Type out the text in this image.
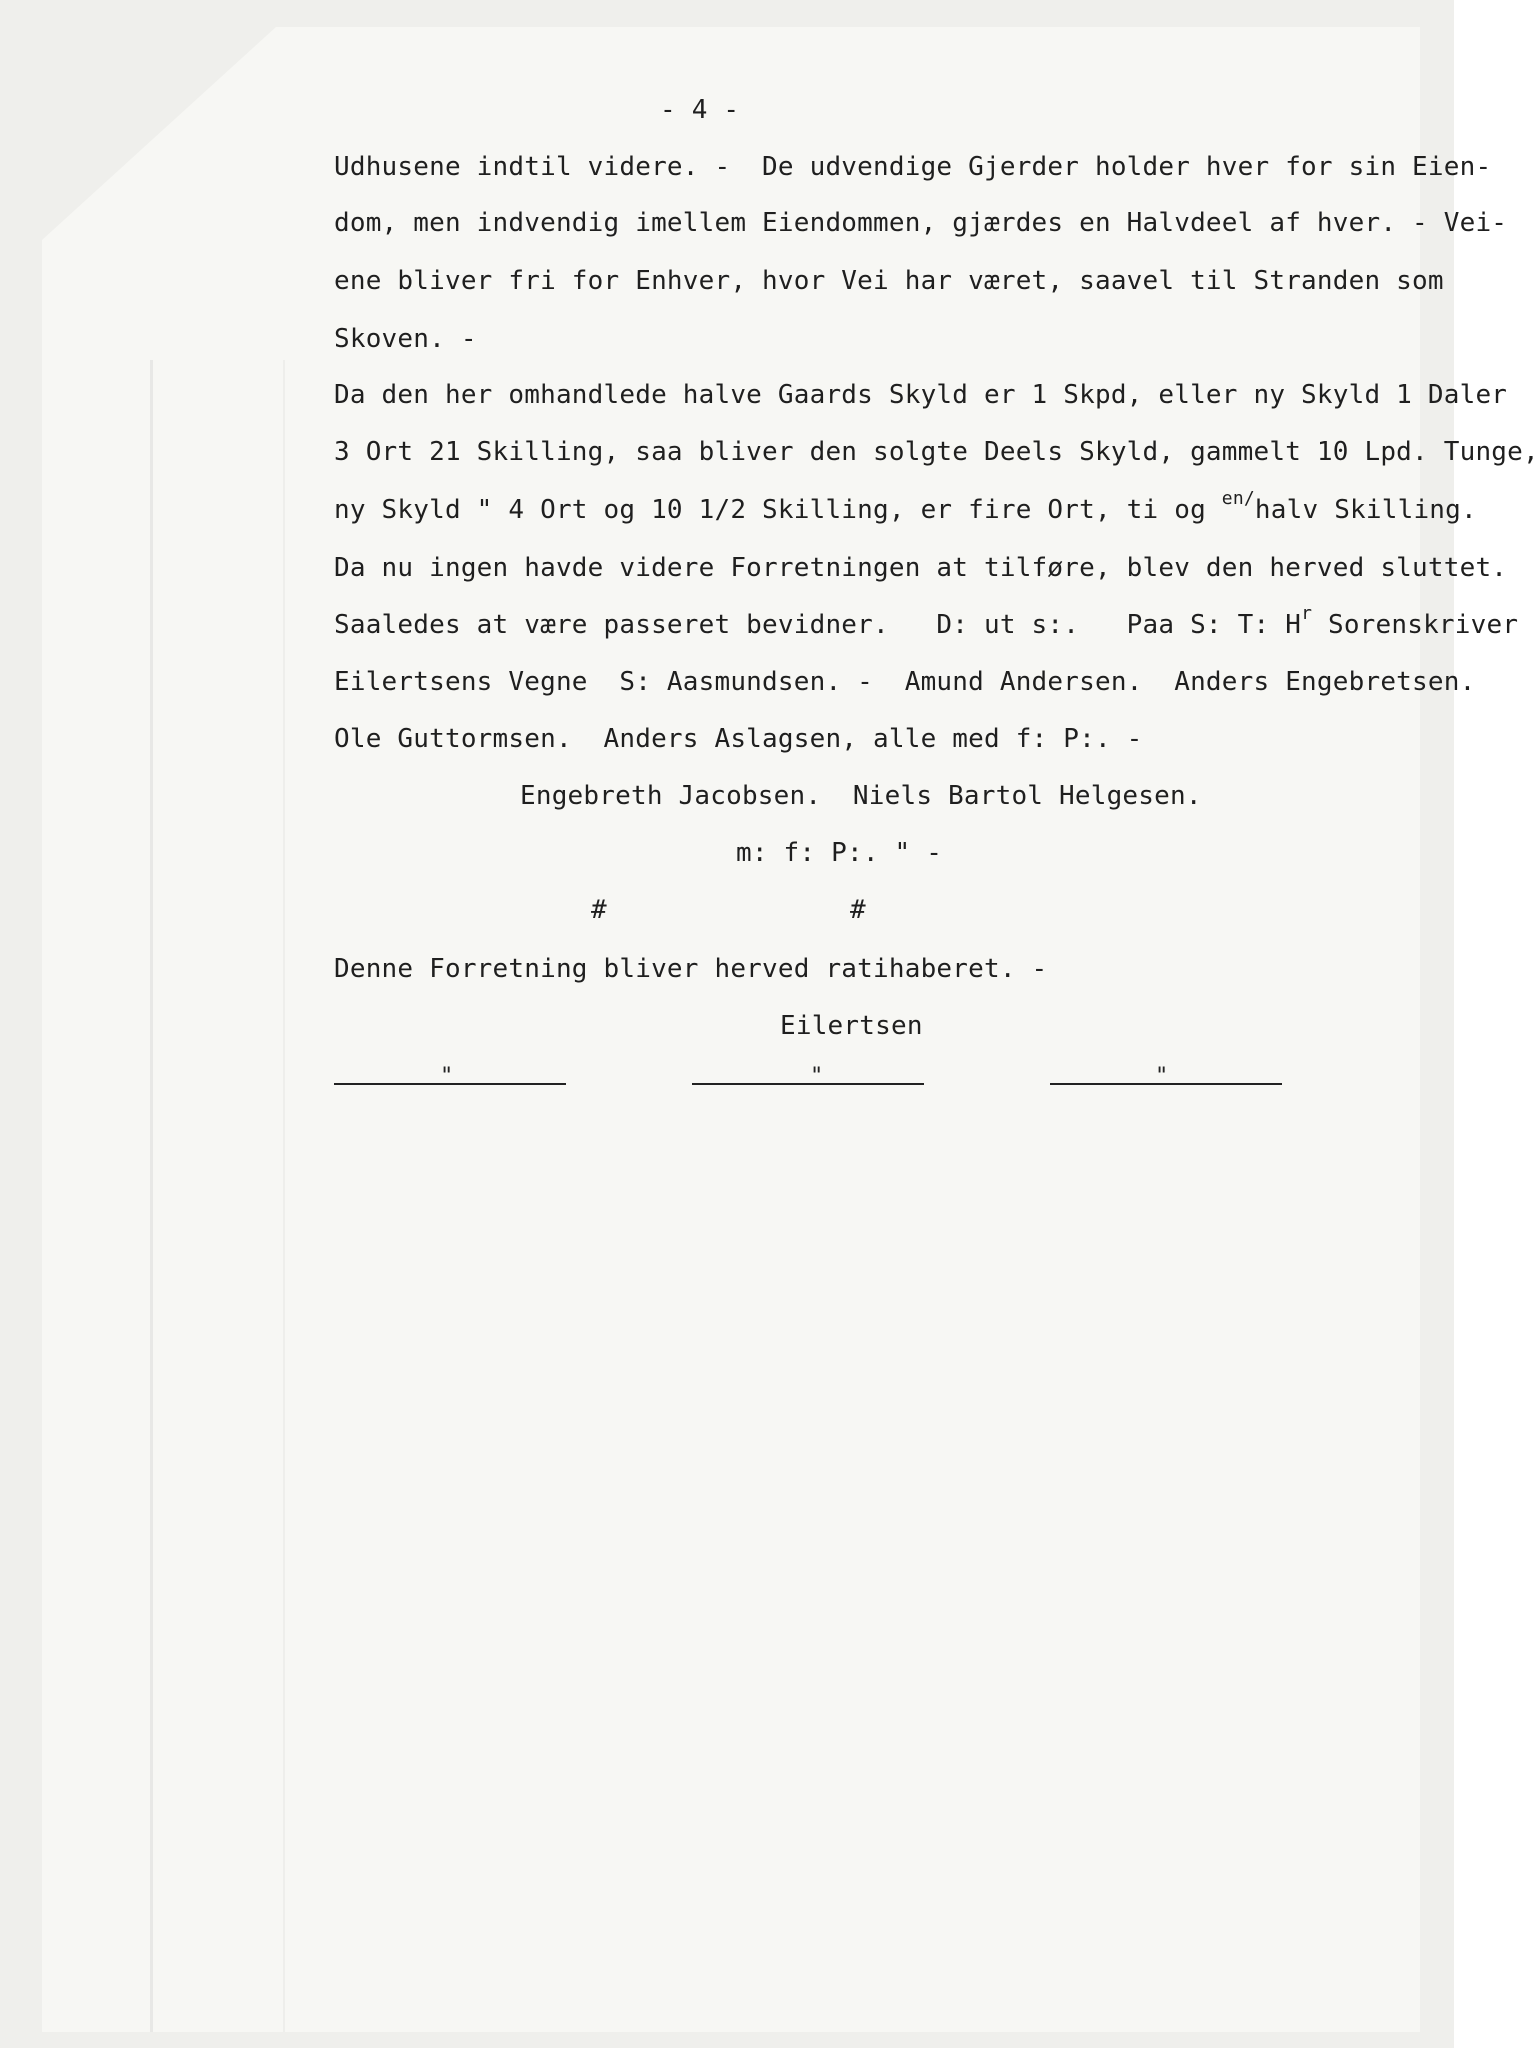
- 4 -
Udhusene indtil videre. -  De udvendige Gjerder holder hver for sin Eien-
dom, men indvendig imellem Eiendommen, gjærdes en Halvdeel af hver. - Vei-
ene bliver fri for Enhver, hvor Vei har været, saavel til Stranden som
Skoven. -
Da den her omhandlede halve Gaards Skyld er 1 Skpd, eller ny Skyld 1 Daler
3 Ort 21 Skilling, saa bliver den solgte Deels Skyld, gammelt 10 Lpd. Tunge,
ny Skyld " 4 Ort og 10 1/2 Skilling, er fire Ort, ti og $^{en/}$halv Skilling.
Da nu ingen havde videre Forretningen at tilføre, blev den herved sluttet.
Saaledes at være passeret bevidner.   D: ut s:.   Paa S: T: $H^r$ Sorenskriver
Eilertsens Vegne  S: Aasmundsen. -  Amund Andersen.  Anders Engebretsen.
Ole Guttormsen.  Anders Aslagsen, alle med f: P:. -
Engebreth Jacobsen.  Niels Bartol Helgesen.
m: f: P:. " -
#	#
Denne Forretning bliver herved ratihaberet. -
Eilertsen
"	"	"
